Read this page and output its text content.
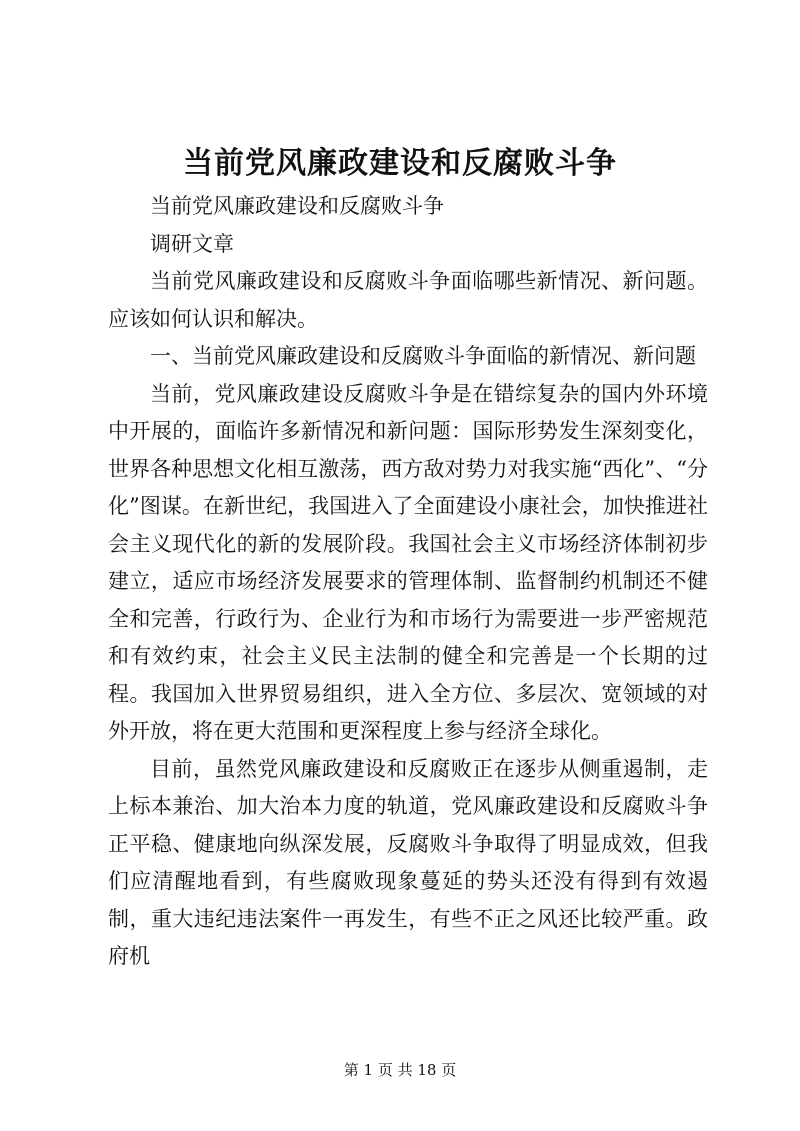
当前党风廉政建设和反腐败斗争

当前党风廉政建设和反腐败斗争

调研文章

当前党风廉政建设和反腐败斗争面临哪些新情况、新问题。应该如何认识和解决。

一、当前党风廉政建设和反腐败斗争面临的新情况、新问题

当前，党风廉政建设反腐败斗争是在错综复杂的国内外环境中开展的，面临许多新情况和新问题：国际形势发生深刻变化，世界各种思想文化相互激荡，西方敌对势力对我实施“西化”、“分化”图谋。在新世纪，我国进入了全面建设小康社会，加快推进社会主义现代化的新的发展阶段。我国社会主义市场经济体制初步建立，适应市场经济发展要求的管理体制、监督制约机制还不健全和完善，行政行为、企业行为和市场行为需要进一步严密规范和有效约束，社会主义民主法制的健全和完善是一个长期的过程。我国加入世界贸易组织，进入全方位、多层次、宽领域的对外开放，将在更大范围和更深程度上参与经济全球化。

目前，虽然党风廉政建设和反腐败正在逐步从侧重遏制，走上标本兼治、加大治本力度的轨道，党风廉政建设和反腐败斗争正平稳、健康地向纵深发展，反腐败斗争取得了明显成效，但我们应清醒地看到，有些腐败现象蔓延的势头还没有得到有效遏制，重大违纪违法案件一再发生，有些不正之风还比较严重。政府机

第 1 页 共 18 页
